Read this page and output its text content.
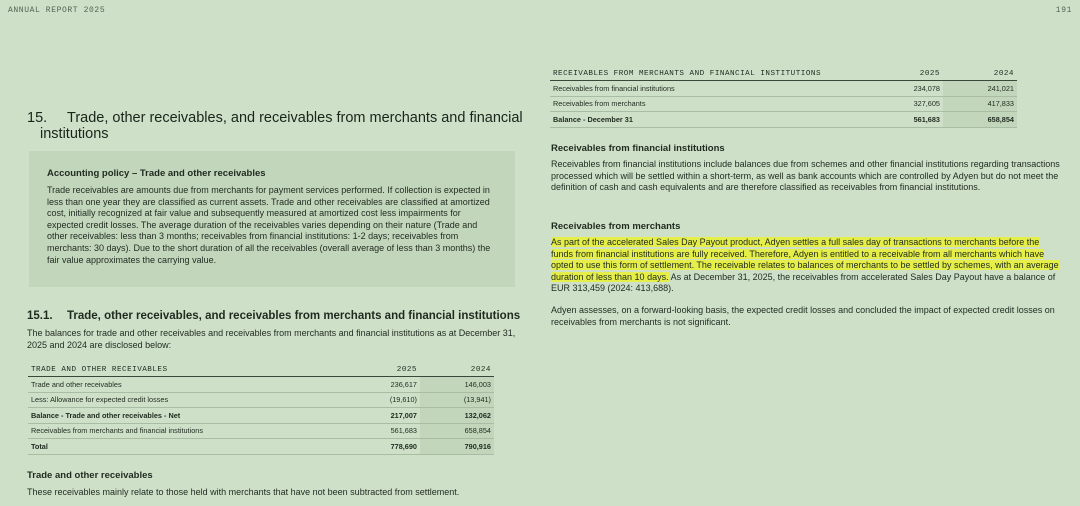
ANNUAL REPORT 2025	191
15. Trade, other receivables, and receivables from merchants and financial
institutions
Accounting policy – Trade and other receivables

Trade receivables are amounts due from merchants for payment services performed. If collection is expected in less than one year they are classified as current assets. Trade and other receivables are classified at amortized cost, initially recognized at fair value and subsequently measured at amortized cost less impairments for expected credit losses. The average duration of the receivables varies depending on their nature (Trade and other receivables: less than 3 months; receivables from financial institutions: 1-2 days; receivables from merchants: 30 days). Due to the short duration of all the receivables (overall average of less than 3 months) the fair value approximates the carrying value.

15.1. Trade, other receivables, and receivables from merchants and financial institutions

The balances for trade and other receivables and receivables from merchants and financial institutions as at December 31, 2025 and 2024 are disclosed below:

TRADE AND OTHER RECEIVABLES	2025	2024
Trade and other receivables	236,617	146,003
Less: Allowance for expected credit losses	(19,610)	(13,941)
Balance - Trade and other receivables - Net	217,007	132,062
Receivables from merchants and financial institutions	561,683	658,854
Total	778,690	790,916
Trade and other receivables

These receivables mainly relate to those held with merchants that have not been subtracted from settlement.

RECEIVABLES FROM MERCHANTS AND FINANCIAL INSTITUTIONS	2025	2024
Receivables from financial institutions	234,078	241,021
Receivables from merchants	327,605	417,833
Balance - December 31	561,683	658,854
Receivables from financial institutions

Receivables from financial institutions include balances due from schemes and other financial institutions regarding transactions processed which will be settled within a short-term, as well as bank accounts which are controlled by Adyen but do not meet the definition of cash and cash equivalents and are therefore classified as receivables from financial institutions.

Receivables from merchants

As part of the accelerated Sales Day Payout product, Adyen settles a full sales day of transactions to merchants before the funds from financial institutions are fully received. Therefore, Adyen is entitled to a receivable from all merchants which have opted to use this form of settlement. The receivable relates to balances of merchants to be settled by schemes, with an average duration of less than 10 days. As at December 31, 2025, the receivables from accelerated Sales Day Payout have a balance of EUR 313,459 (2024: 413,688).

Adyen assesses, on a forward-looking basis, the expected credit losses and concluded the impact of expected credit losses on receivables from merchants is not significant.
